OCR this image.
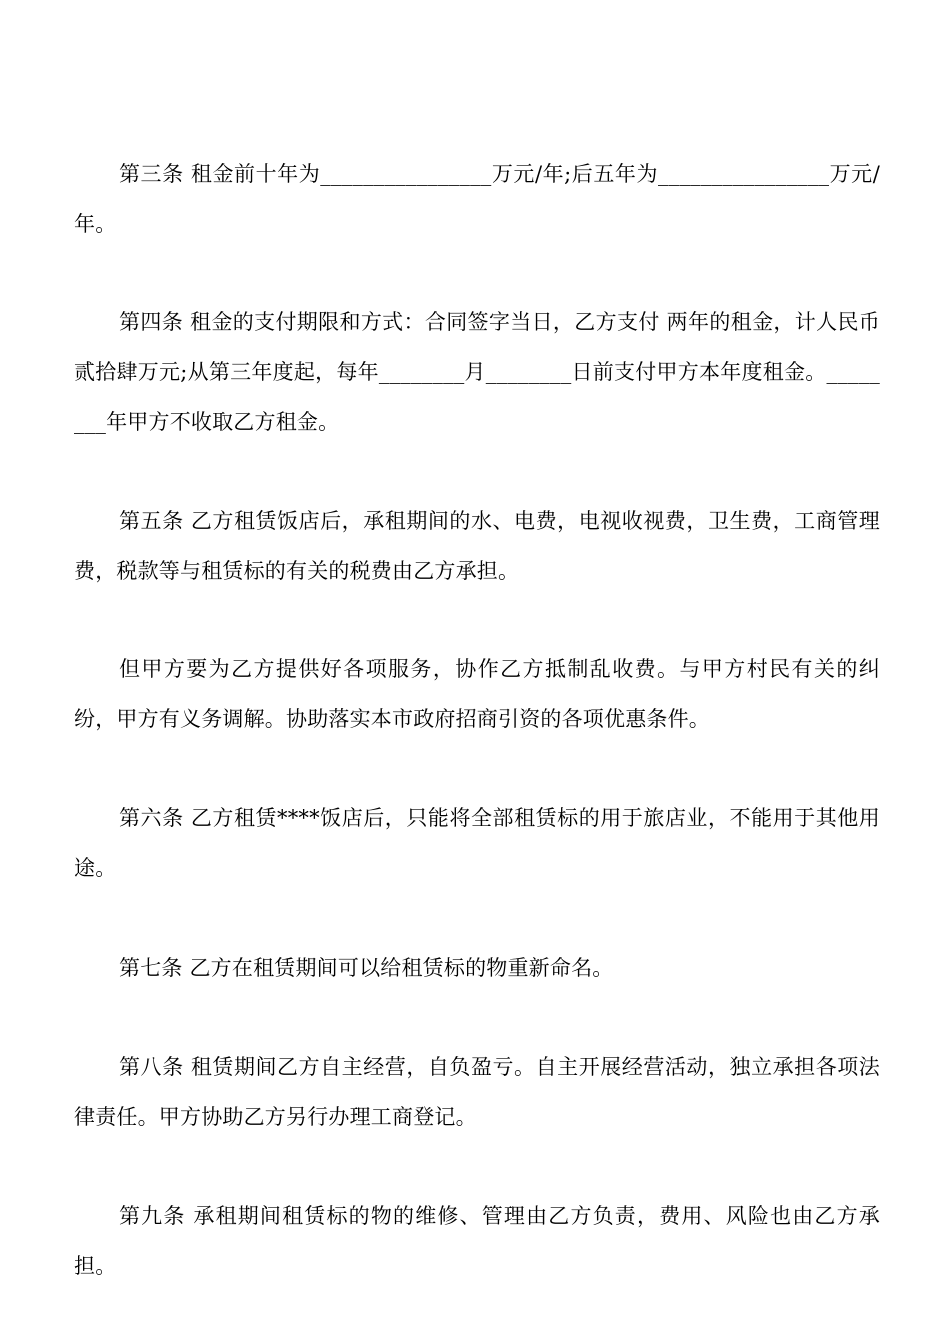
第三条 租金前十年为________________万元/年;后五年为________________万元/年。

第四条 租金的支付期限和方式：合同签字当日，乙方支付 两年的租金，计人民币贰拾肆万元;从第三年度起，每年________月________日前支付甲方本年度租金。________年甲方不收取乙方租金。

第五条 乙方租赁饭店后，承租期间的水、电费，电视收视费，卫生费，工商管理费，税款等与租赁标的有关的税费由乙方承担。

但甲方要为乙方提供好各项服务，协作乙方抵制乱收费。与甲方村民有关的纠纷，甲方有义务调解。协助落实本市政府招商引资的各项优惠条件。

第六条 乙方租赁****饭店后，只能将全部租赁标的用于旅店业，不能用于其他用途。

第七条 乙方在租赁期间可以给租赁标的物重新命名。

第八条 租赁期间乙方自主经营，自负盈亏。自主开展经营活动，独立承担各项法律责任。甲方协助乙方另行办理工商登记。

第九条 承租期间租赁标的物的维修、管理由乙方负责，费用、风险也由乙方承担。
